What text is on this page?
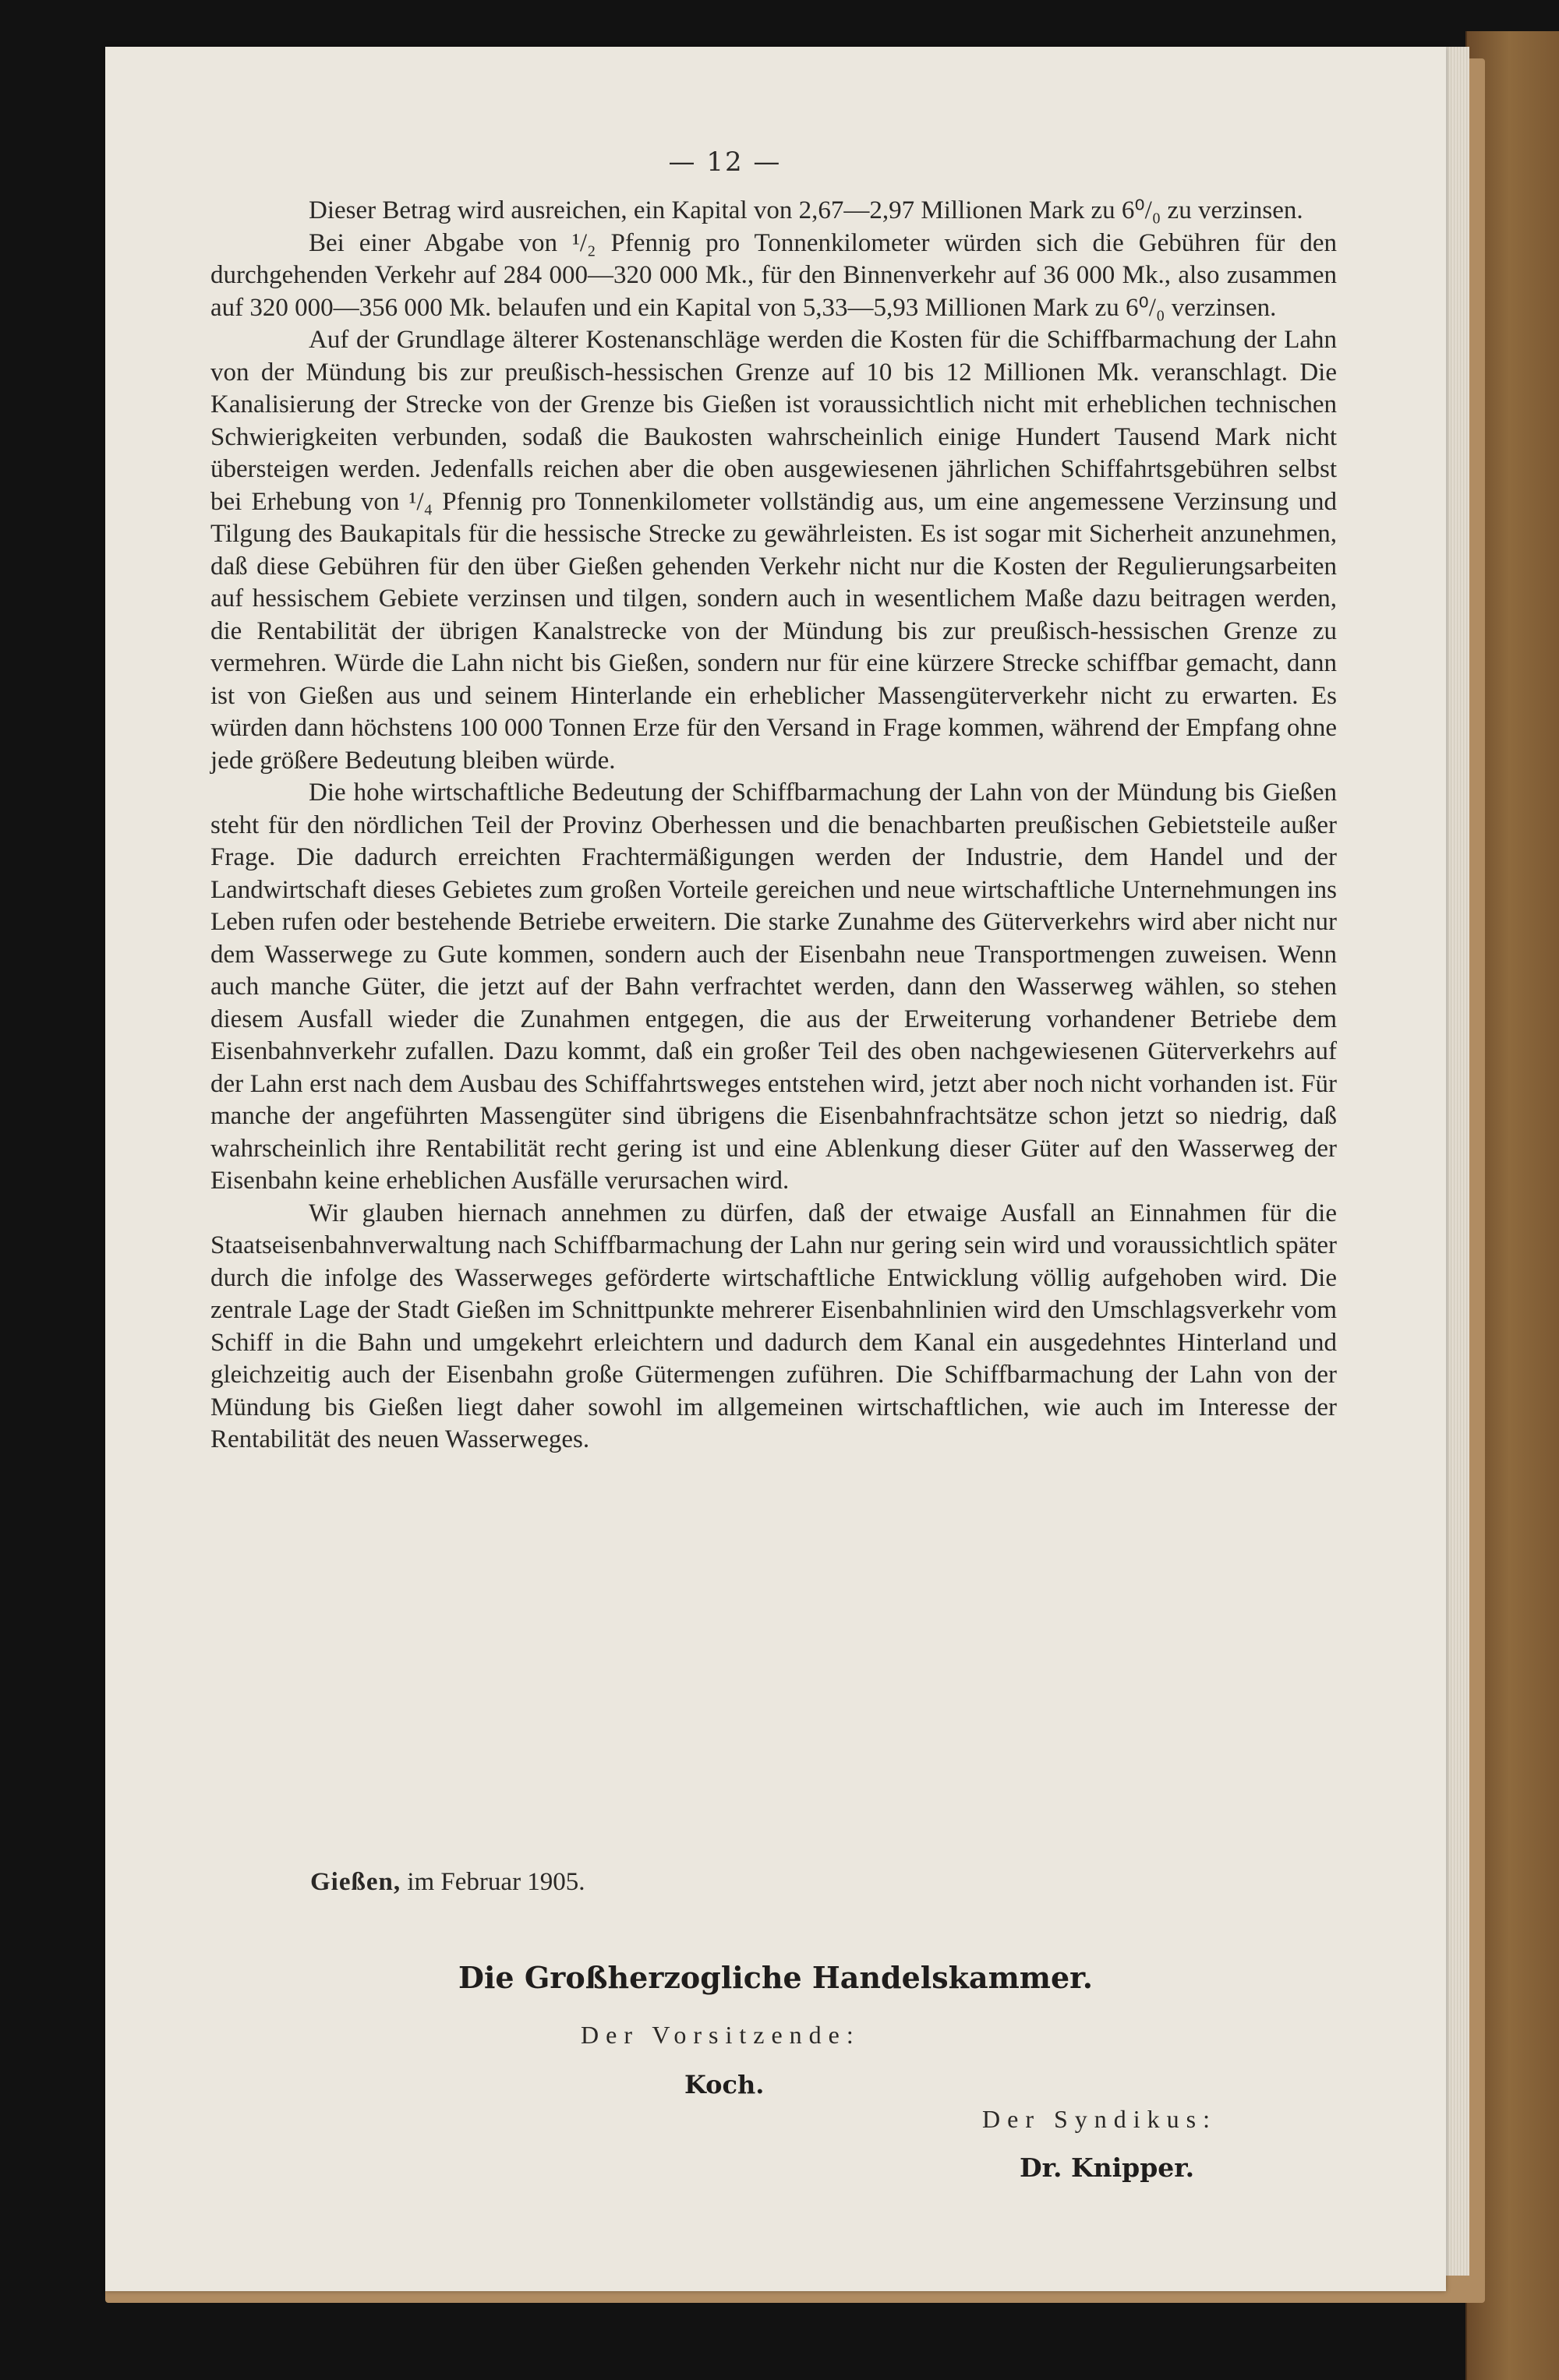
— 12 —

Dieser Betrag wird ausreichen, ein Kapital von 2,67—2,97 Millionen Mark zu 6⁰/₀ zu verzinsen.

Bei einer Abgabe von ¹/₂ Pfennig pro Tonnenkilometer würden sich die Gebühren für den durchgehenden Verkehr auf 284 000—320 000 Mk., für den Binnenverkehr auf 36 000 Mk., also zusammen auf 320 000—356 000 Mk. belaufen und ein Kapital von 5,33—5,93 Millionen Mark zu 6⁰/₀ verzinsen.

Auf der Grundlage älterer Kostenanschläge werden die Kosten für die Schiffbarmachung der Lahn von der Mündung bis zur preußisch-hessischen Grenze auf 10 bis 12 Millionen Mk. veranschlagt. Die Kanalisierung der Strecke von der Grenze bis Gießen ist voraussichtlich nicht mit erheblichen technischen Schwierigkeiten verbunden, sodaß die Baukosten wahrscheinlich einige Hundert Tausend Mark nicht übersteigen werden. Jedenfalls reichen aber die oben ausgewiesenen jährlichen Schiffahrtsgebühren selbst bei Erhebung von ¹/₄ Pfennig pro Tonnenkilometer vollständig aus, um eine angemessene Verzinsung und Tilgung des Baukapitals für die hessische Strecke zu gewährleisten. Es ist sogar mit Sicherheit anzunehmen, daß diese Gebühren für den über Gießen gehenden Verkehr nicht nur die Kosten der Regulierungsarbeiten auf hessischem Gebiete verzinsen und tilgen, sondern auch in wesentlichem Maße dazu beitragen werden, die Rentabilität der übrigen Kanalstrecke von der Mündung bis zur preußisch-hessischen Grenze zu vermehren. Würde die Lahn nicht bis Gießen, sondern nur für eine kürzere Strecke schiffbar gemacht, dann ist von Gießen aus und seinem Hinterlande ein erheblicher Massengüterverkehr nicht zu erwarten. Es würden dann höchstens 100 000 Tonnen Erze für den Versand in Frage kommen, während der Empfang ohne jede größere Bedeutung bleiben würde.

Die hohe wirtschaftliche Bedeutung der Schiffbarmachung der Lahn von der Mündung bis Gießen steht für den nördlichen Teil der Provinz Oberhessen und die benachbarten preußischen Gebietsteile außer Frage. Die dadurch erreichten Frachtermäßigungen werden der Industrie, dem Handel und der Landwirtschaft dieses Gebietes zum großen Vorteile gereichen und neue wirtschaftliche Unternehmungen ins Leben rufen oder bestehende Betriebe erweitern. Die starke Zunahme des Güterverkehrs wird aber nicht nur dem Wasserwege zu Gute kommen, sondern auch der Eisenbahn neue Transportmengen zuweisen. Wenn auch manche Güter, die jetzt auf der Bahn verfrachtet werden, dann den Wasserweg wählen, so stehen diesem Ausfall wieder die Zunahmen entgegen, die aus der Erweiterung vorhandener Betriebe dem Eisenbahnverkehr zufallen. Dazu kommt, daß ein großer Teil des oben nachgewiesenen Güterverkehrs auf der Lahn erst nach dem Ausbau des Schiffahrtsweges entstehen wird, jetzt aber noch nicht vorhanden ist. Für manche der angeführten Massengüter sind übrigens die Eisenbahnfrachtsätze schon jetzt so niedrig, daß wahrscheinlich ihre Rentabilität recht gering ist und eine Ablenkung dieser Güter auf den Wasserweg der Eisenbahn keine erheblichen Ausfälle verursachen wird.

Wir glauben hiernach annehmen zu dürfen, daß der etwaige Ausfall an Einnahmen für die Staatseisenbahnverwaltung nach Schiffbarmachung der Lahn nur gering sein wird und voraussichtlich später durch die infolge des Wasserweges geförderte wirtschaftliche Entwicklung völlig aufgehoben wird. Die zentrale Lage der Stadt Gießen im Schnittpunkte mehrerer Eisenbahnlinien wird den Umschlagsverkehr vom Schiff in die Bahn und umgekehrt erleichtern und dadurch dem Kanal ein ausgedehntes Hinterland und gleichzeitig auch der Eisenbahn große Gütermengen zuführen. Die Schiffbarmachung der Lahn von der Mündung bis Gießen liegt daher sowohl im allgemeinen wirtschaftlichen, wie auch im Interesse der Rentabilität des neuen Wasserweges.

Gießen, im Februar 1905.
Die Großherzogliche Handelskammer.
Der Vorsitzende:
Koch.
Der Syndikus:
Dr. Knipper.
